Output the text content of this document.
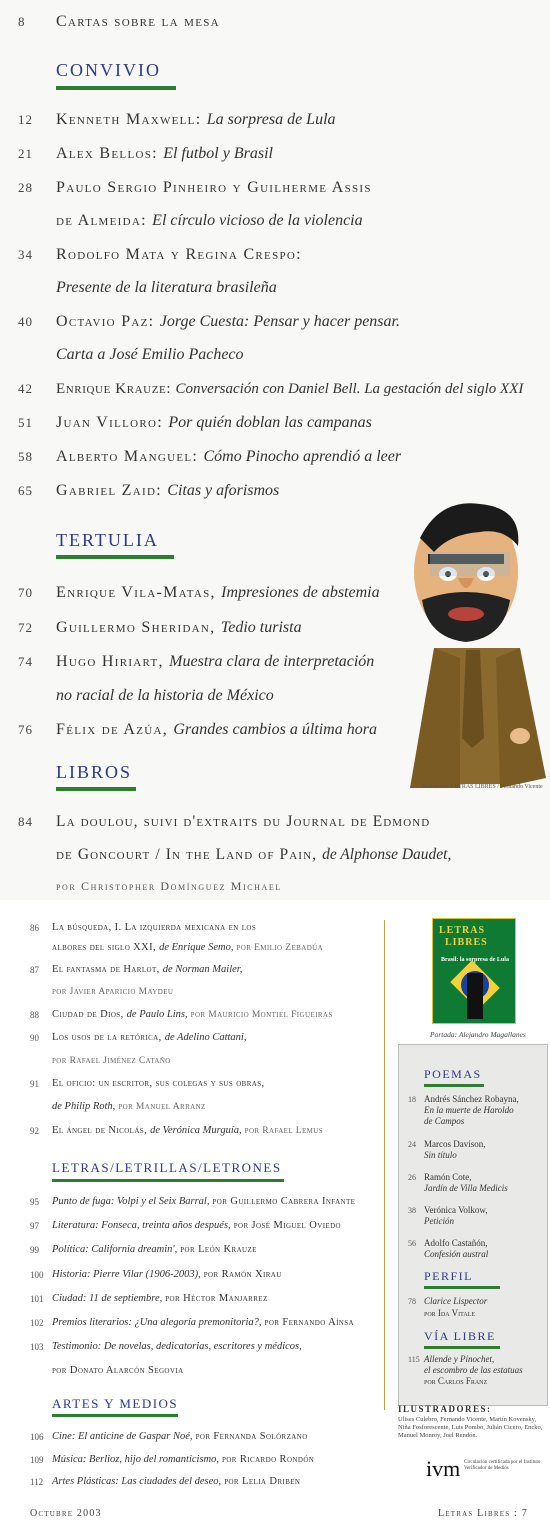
8 Cartas sobre la mesa
CONVIVIO
12 Kenneth Maxwell: La sorpresa de Lula
21 Alex Bellos: El futbol y Brasil
28 Paulo Sergio Pinheiro y Guilherme Assis
de Almeida: El círculo vicioso de la violencia
34 Rodolfo Mata y Regina Crespo:
Presente de la literatura brasileña
40 Octavio Paz: Jorge Cuesta: Pensar y hacer pensar.
Carta a José Emilio Pacheco
42 Enrique Krauze: Conversación con Daniel Bell. La gestación del siglo XXI
51 Juan Villoro: Por quién doblan las campanas
58 Alberto Manguel: Cómo Pinocho aprendió a leer
65 Gabriel Zaid: Citas y aforismos
TERTULIA
70 Enrique Vila-Matas, Impresiones de abstemia
72 Guillermo Sheridan, Tedio turista
74 Hugo Hiriart, Muestra clara de interpretación
no racial de la historia de México
76 Félix de Azúa, Grandes cambios a última hora
LIBROS
84 La doulou, suivi d'extraits du Journal de Edmond
de Goncourt / In the Land of Pain, de Alphonse Daudet,
por Christopher Domínguez Michael
Ilustración: LETRAS LIBRES / Fernando Vicente
86 La búsqueda, I. La izquierda mexicana en los
albores del siglo XXI, de Enrique Semo, por Emilio Zebadúa
87 El fantasma de Harlot, de Norman Mailer,
por Javier Aparicio Maydeu
88 Ciudad de Dios, de Paulo Lins, por Mauricio Montiel Figueiras
90 Los usos de la retórica, de Adelino Cattani,
por Rafael Jiménez Cataño
91 El oficio: un escritor, sus colegas y sus obras,
de Philip Roth, por Manuel Arranz
92 El ángel de Nicolás, de Verónica Murguía, por Rafael Lemus
LETRAS/LETRILLAS/LETRONES
95 Punto de fuga: Volpi y el Seix Barral, por Guillermo Cabrera Infante
97 Literatura: Fonseca, treinta años después, por José Miguel Oviedo
99 Política: California dreamin', por León Krauze
100 Historia: Pierre Vilar (1906-2003), por Ramón Xirau
101 Ciudad: 11 de septiembre, por Héctor Manjarrez
102 Premios literarios: ¿Una alegoría premonitoria?, por Fernando Aínsa
103 Testimonio: De novelas, dedicatorias, escritores y médicos,
por Donato Alarcón Segovia
ARTES Y MEDIOS
106 Cine: El anticine de Gaspar Noé, por Fernanda Solórzano
109 Música: Berlioz, hijo del romanticismo, por Ricardo Rondón
112 Artes Plásticas: Las ciudades del deseo, por Lelia Driben
LETRAS
LIBRES
Brasil: la sorpresa de Lula
Portada: Alejandro Magallanes
POEMAS
18 Andrés Sánchez Robayna,
En la muerte de Haroldo
de Campos
24 Marcos Davison,
Sin título
26 Ramón Cote,
Jardín de Villa Medicis
38 Verónica Volkow,
Petición
56 Adolfo Castañón,
Confesión austral
PERFIL
78 Clarice Lispector
por Ida Vitale
VÍA LIBRE
115 Allende y Pinochet,
el escombro de las estatuas
por Carlos Franz
ILUSTRADORES:
Ulises Culebro, Fernando Vicente, Martín Kovensky, Niña Fosforescente, Luis Pombo, Julián Cicero, Encko, Manuel Monroy, Joel Rendón.
ivm Circulación certificada por el Instituto Verificador de Medios
Octubre 2003	Letras Libres : 7
